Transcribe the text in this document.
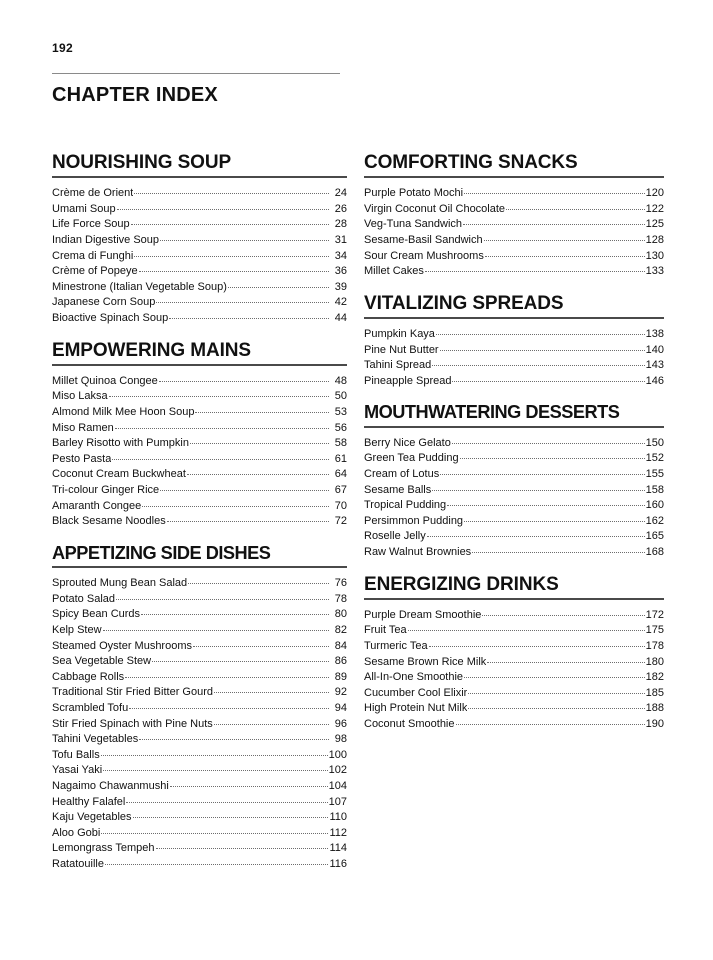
192
CHAPTER INDEX
NOURISHING SOUP
Crème de Orient	24
Umami Soup	26
Life Force Soup	28
Indian Digestive Soup	31
Crema di Funghi	34
Crème of Popeye	36
Minestrone (Italian Vegetable Soup)	39
Japanese Corn Soup	42
Bioactive Spinach Soup	44
EMPOWERING MAINS
Millet Quinoa Congee	48
Miso Laksa	50
Almond Milk Mee Hoon Soup	53
Miso Ramen	56
Barley Risotto with Pumpkin	58
Pesto Pasta	61
Coconut Cream Buckwheat	64
Tri-colour Ginger Rice	67
Amaranth Congee	70
Black Sesame Noodles	72
APPETIZING SIDE DISHES
Sprouted Mung Bean Salad	76
Potato Salad	78
Spicy Bean Curds	80
Kelp Stew	82
Steamed Oyster Mushrooms	84
Sea Vegetable Stew	86
Cabbage Rolls	89
Traditional Stir Fried Bitter Gourd	92
Scrambled Tofu	94
Stir Fried Spinach with Pine Nuts	96
Tahini Vegetables	98
Tofu Balls	100
Yasai Yaki	102
Nagaimo Chawanmushi	104
Healthy Falafel	107
Kaju Vegetables	110
Aloo Gobi	112
Lemongrass Tempeh	114
Ratatouille	116
COMFORTING SNACKS
Purple Potato Mochi	120
Virgin Coconut Oil Chocolate	122
Veg-Tuna Sandwich	125
Sesame-Basil Sandwich	128
Sour Cream Mushrooms	130
Millet Cakes	133
VITALIZING SPREADS
Pumpkin Kaya	138
Pine Nut Butter	140
Tahini Spread	143
Pineapple Spread	146
MOUTHWATERING DESSERTS
Berry Nice Gelato	150
Green Tea Pudding	152
Cream of Lotus	155
Sesame Balls	158
Tropical Pudding	160
Persimmon Pudding	162
Roselle Jelly	165
Raw Walnut Brownies	168
ENERGIZING DRINKS
Purple Dream Smoothie	172
Fruit Tea	175
Turmeric Tea	178
Sesame Brown Rice Milk	180
All-In-One Smoothie	182
Cucumber Cool Elixir	185
High Protein Nut Milk	188
Coconut Smoothie	190
